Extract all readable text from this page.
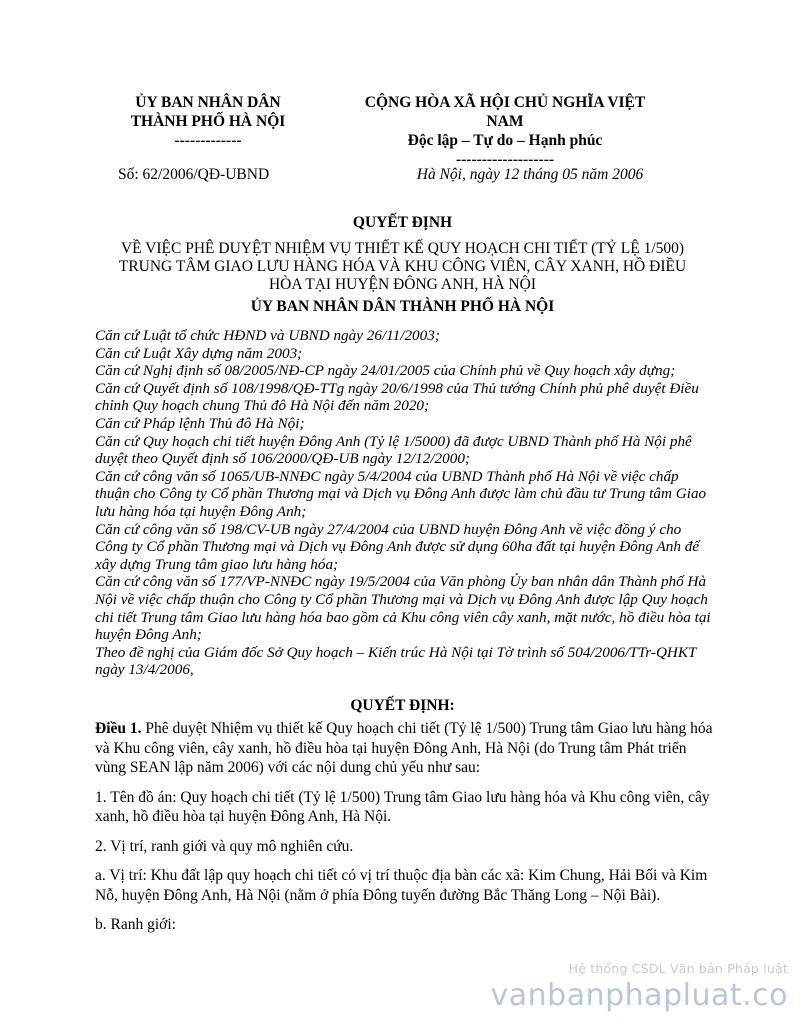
ỦY BAN NHÂN DÂN
THÀNH PHỐ HÀ NỘI
-------------
CỘNG HÒA XÃ HỘI CHỦ NGHĨA VIỆT
NAM
Độc lập – Tự do – Hạnh phúc
-------------------
Số: 62/2006/QĐ-UBND	Hà Nội, ngày 12 tháng 05 năm 2006
QUYẾT ĐỊNH
VỀ VIỆC PHÊ DUYỆT NHIỆM VỤ THIẾT KẾ QUY HOẠCH CHI TIẾT (TỶ LỆ 1/500)
TRUNG TÂM GIAO LƯU HÀNG HÓA VÀ KHU CÔNG VIÊN, CÂY XANH, HỒ ĐIỀU
HÒA TẠI HUYỆN ĐÔNG ANH, HÀ NỘI
ỦY BAN NHÂN DÂN THÀNH PHỐ HÀ NỘI

Căn cứ Luật tổ chức HĐND và UBND ngày 26/11/2003;

Căn cứ Luật Xây dựng năm 2003;

Căn cứ Nghị định số 08/2005/NĐ-CP ngày 24/01/2005 của Chính phủ về Quy hoạch xây dựng;

Căn cứ Quyết định số 108/1998/QĐ-TTg ngày 20/6/1998 của Thủ tướng Chính phủ phê duyệt Điều chỉnh Quy hoạch chung Thủ đô Hà Nội đến năm 2020;

Căn cứ Pháp lệnh Thủ đô Hà Nội;

Căn cứ Quy hoạch chi tiết huyện Đông Anh (Tỷ lệ 1/5000) đã được UBND Thành phố Hà Nội phê duyệt theo Quyết định số 106/2000/QĐ-UB ngày 12/12/2000;

Căn cứ công văn số 1065/UB-NNĐC ngày 5/4/2004 của UBND Thành phố Hà Nội về việc chấp thuận cho Công ty Cổ phần Thương mại và Dịch vụ Đông Anh được làm chủ đầu tư Trung tâm Giao lưu hàng hóa tại huyện Đông Anh;

Căn cứ công văn số 198/CV-UB ngày 27/4/2004 của UBND huyện Đông Anh về việc đồng ý cho Công ty Cổ phần Thương mại và Dịch vụ Đông Anh được sử dụng 60ha đất tại huyện Đông Anh để xây dựng Trung tâm giao lưu hàng hóa;

Căn cứ công văn số 177/VP-NNĐC ngày 19/5/2004 của Văn phòng Ủy ban nhân dân Thành phố Hà Nội về việc chấp thuận cho Công ty Cổ phần Thương mại và Dịch vụ Đông Anh được lập Quy hoạch chi tiết Trung tâm Giao lưu hàng hóa bao gồm cả Khu công viên cây xanh, mặt nước, hồ điều hòa tại huyện Đông Anh;

Theo đề nghị của Giám đốc Sở Quy hoạch – Kiến trúc Hà Nội tại Tờ trình số 504/2006/TTr-QHKT ngày 13/4/2006,

QUYẾT ĐỊNH:

Điều 1. Phê duyệt Nhiệm vụ thiết kế Quy hoạch chi tiết (Tỷ lệ 1/500) Trung tâm Giao lưu hàng hóa và Khu công viên, cây xanh, hồ điều hòa tại huyện Đông Anh, Hà Nội (do Trung tâm Phát triển vùng SEAN lập năm 2006) với các nội dung chủ yếu như sau:

1. Tên đồ án: Quy hoạch chi tiết (Tỷ lệ 1/500) Trung tâm Giao lưu hàng hóa và Khu công viên, cây xanh, hồ điều hòa tại huyện Đông Anh, Hà Nội.

2. Vị trí, ranh giới và quy mô nghiên cứu.

a. Vị trí: Khu đất lập quy hoạch chi tiết có vị trí thuộc địa bàn các xã: Kim Chung, Hải Bối và Kim Nỗ, huyện Đông Anh, Hà Nội (nằm ở phía Đông tuyến đường Bắc Thăng Long – Nội Bài).

b. Ranh giới:

Hệ thống CSDL Văn bản Pháp luật
vanbanphapluat.co
